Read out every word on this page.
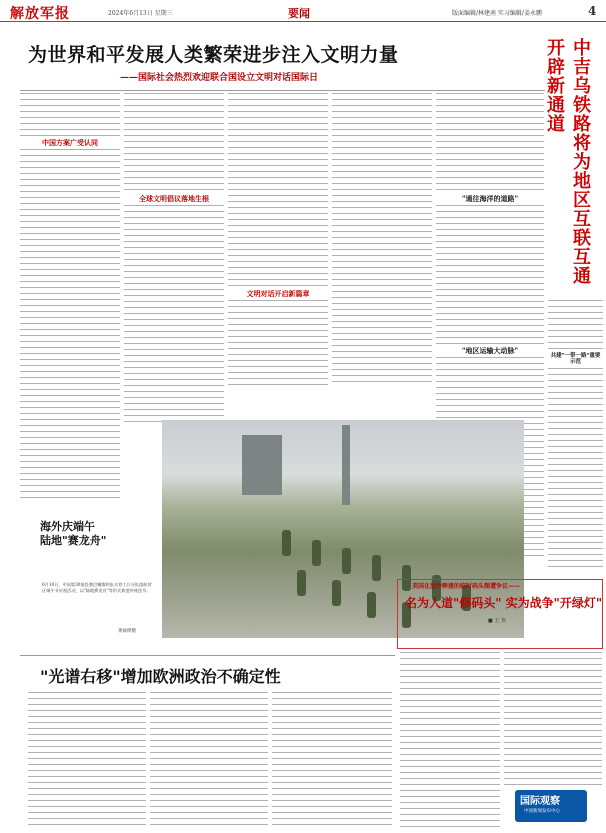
解放军报	2024年6月13日 星期三	要闻	版面编辑/林建南 实习编辑/姜永鹏	4
为世界和平发展人类繁荣进步注入文明力量
——国际社会热烈欢迎联合国设立文明对话国际日
中国方案广受认同
全球文明倡议落地生根
文明对话开启新篇章
"通往海洋的道路"
"地区运输大动脉"
中吉乌铁路将为地区互联互通开辟新通道
共建"一带一路"重要示范
海外庆端午
陆地"赛龙舟"
6月10日，中国第30批赴黎巴嫩维和步兵营工兵分队组织营区端午节庆祝活动，以"陆地赛龙舟"等形式欢度传统佳节。
黄硕烨摄
"光谱右移"增加欧洲政治不确定性
美国在加沙释建的临时码头频遭争议——
名为人道"修码头" 实为战争"开绿灯"
■ 王 欢
国际观察
中国新闻发布中心
